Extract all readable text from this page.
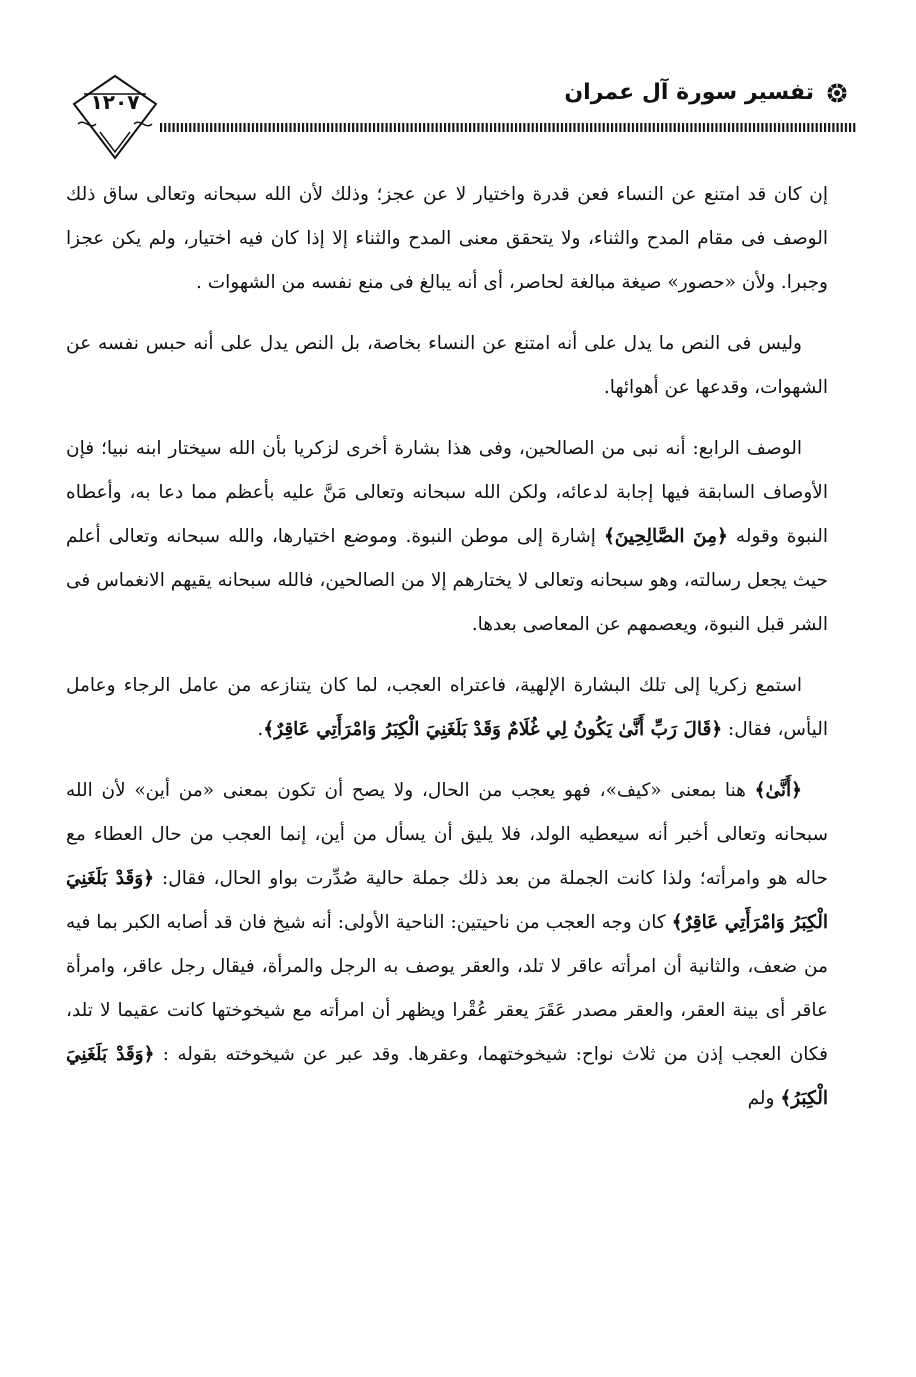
تفسير سورة آل عمران
١٢٠٧

إن كان قد امتنع عن النساء فعن قدرة واختيار لا عن عجز؛ وذلك لأن الله سبحانه وتعالى ساق ذلك الوصف فى مقام المدح والثناء، ولا يتحقق معنى المدح والثناء إلا إذا كان فيه اختيار، ولم يكن عجزا وجبرا. ولأن «حصور» صيغة مبالغة لحاصر، أى أنه يبالغ فى منع نفسه من الشهوات .

وليس فى النص ما يدل على أنه امتنع عن النساء بخاصة، بل النص يدل على أنه حبس نفسه عن الشهوات، وقدعها عن أهوائها.

الوصف الرابع: أنه نبى من الصالحين، وفى هذا بشارة أخرى لزكريا بأن الله سيختار ابنه نبيا؛ فإن الأوصاف السابقة فيها إجابة لدعائه، ولكن الله سبحانه وتعالى مَنَّ عليه بأعظم مما دعا به، وأعطاه النبوة وقوله ﴿مِنَ الصَّالِحِينَ﴾ إشارة إلى موطن النبوة. وموضع اختيارها، والله سبحانه وتعالى أعلم حيث يجعل رسالته، وهو سبحانه وتعالى لا يختارهم إلا من الصالحين، فالله سبحانه يقيهم الانغماس فى الشر قبل النبوة، ويعصمهم عن المعاصى بعدها.

استمع زكريا إلى تلك البشارة الإلهية، فاعتراه العجب، لما كان يتنازعه من عامل الرجاء وعامل اليأس، فقال: ﴿قَالَ رَبِّ أَنَّىٰ يَكُونُ لِي غُلَامٌ وَقَدْ بَلَغَنِيَ الْكِبَرُ وَامْرَأَتِي عَاقِرٌ﴾.

﴿أَنَّىٰ﴾ هنا بمعنى «كيف»، فهو يعجب من الحال، ولا يصح أن تكون بمعنى «من أين» لأن الله سبحانه وتعالى أخبر أنه سيعطيه الولد، فلا يليق أن يسأل من أين، إنما العجب من حال العطاء مع حاله هو وامرأته؛ ولذا كانت الجملة من بعد ذلك جملة حالية صُدِّرت بواو الحال، فقال: ﴿وَقَدْ بَلَغَنِيَ الْكِبَرُ وَامْرَأَتِي عَاقِرٌ﴾ كان وجه العجب من ناحيتين: الناحية الأولى: أنه شيخ فان قد أصابه الكبر بما فيه من ضعف، والثانية أن امرأته عاقر لا تلد، والعقر يوصف به الرجل والمرأة، فيقال رجل عاقر، وامرأة عاقر أى بينة العقر، والعقر مصدر عَقَرَ يعقر عُقْرا ويظهر أن امرأته مع شيخوختها كانت عقيما لا تلد، فكان العجب إذن من ثلاث نواح: شيخوختهما، وعقرها. وقد عبر عن شيخوخته بقوله : ﴿وَقَدْ بَلَغَنِيَ الْكِبَرُ﴾ ولم
